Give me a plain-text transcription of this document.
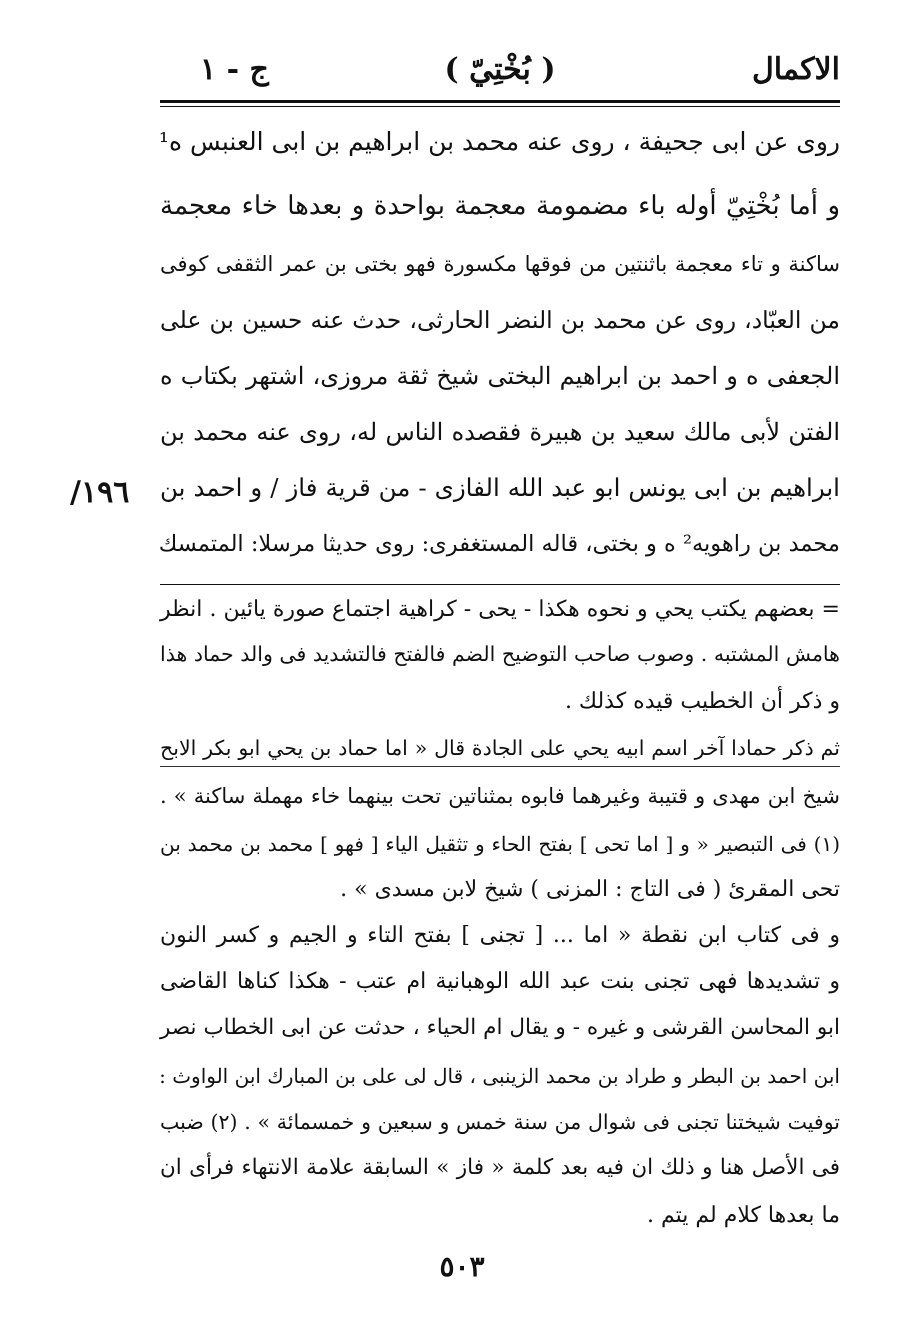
الاكمال
( بُخْتِيّ )
ج - ١
روى عن ابى جحيفة ، روى عنه محمد بن ابراهيم بن ابى العنبس ه¹
و أما بُخْتِيّ أوله باء مضمومة معجمة بواحدة و بعدها خاء معجمة
ساكنة و تاء معجمة باثنتين من فوقها مكسورة فهو بختى بن عمر الثقفى كوفى
من العبّاد، روى عن محمد بن النضر الحارثى، حدث عنه حسين بن على
الجعفى ه و احمد بن ابراهيم البختى شيخ ثقة مروزى، اشتهر بكتاب ه
الفتن لأبى مالك سعيد بن هبيرة فقصده الناس له، روى عنه محمد بن
ابراهيم بن ابى يونس ابو عبد الله الفازى - من قرية فاز / و احمد بن
محمد بن راهويه² ه و بختى، قاله المستغفرى: روى حديثا مرسلا: المتمسك
١٩٦/
= بعضهم يكتب يحي و نحوه هكذا - يحى - كراهية اجتماع صورة يائين . انظر
هامش المشتبه . وصوب صاحب التوضيح الضم فالفتح فالتشديد فى والد حماد هذا
و ذكر أن الخطيب قيده كذلك .
ثم ذكر حمادا آخر اسم ابيه يحي على الجادة قال « اما حماد بن يحي ابو بكر الابح
شيخ ابن مهدى و قتيبة وغيرهما فابوه بمثناتين تحت بينهما خاء مهملة ساكنة » .
(١) فى التبصير « و [ اما تحى ] بفتح الحاء و تثقيل الياء [ فهو ] محمد بن محمد بن
تحى المقرئ ( فى التاج : المزنى ) شيخ لابن مسدى » .
و فى كتاب ابن نقطة « اما ... [ تجنى ] بفتح التاء و الجيم و كسر النون
و تشديدها فهى تجنى بنت عبد الله الوهبانية ام عتب - هكذا كناها القاضى
ابو المحاسن القرشى و غيره - و يقال ام الحياء ، حدثت عن ابى الخطاب نصر
ابن احمد بن البطر و طراد بن محمد الزينبى ، قال لى على بن المبارك ابن الواوث :
توفيت شيختنا تجنى فى شوال من سنة خمس و سبعين و خمسمائة » . (٢) ضبب
فى الأصل هنا و ذلك ان فيه بعد كلمة « فاز » السابقة علامة الانتهاء فرأى ان
ما بعدها كلام لم يتم .
٥٠٣
